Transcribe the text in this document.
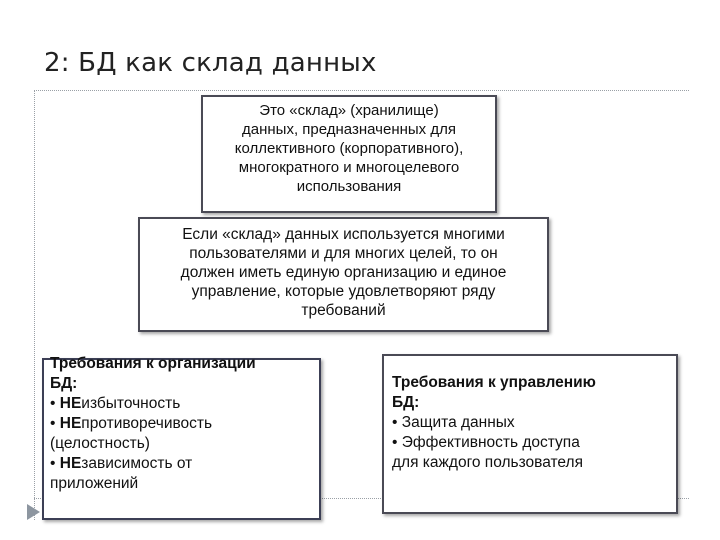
2: БД как склад данных
Это «склад» (хранилище)
данных, предназначенных для
коллективного (корпоративного),
многократного и многоцелевого
использования
Если «склад» данных используется многими
пользователями и для многих целей, то он
должен иметь единую организацию и единое
управление, которые удовлетворяют ряду
требований
Требования к организации
БД:
• НЕизбыточность
• НЕпротиворечивость
(целостность)
• НЕзависимость от
приложений
Требования к управлению
БД:
• Защита данных
• Эффективность доступа
для каждого пользователя
